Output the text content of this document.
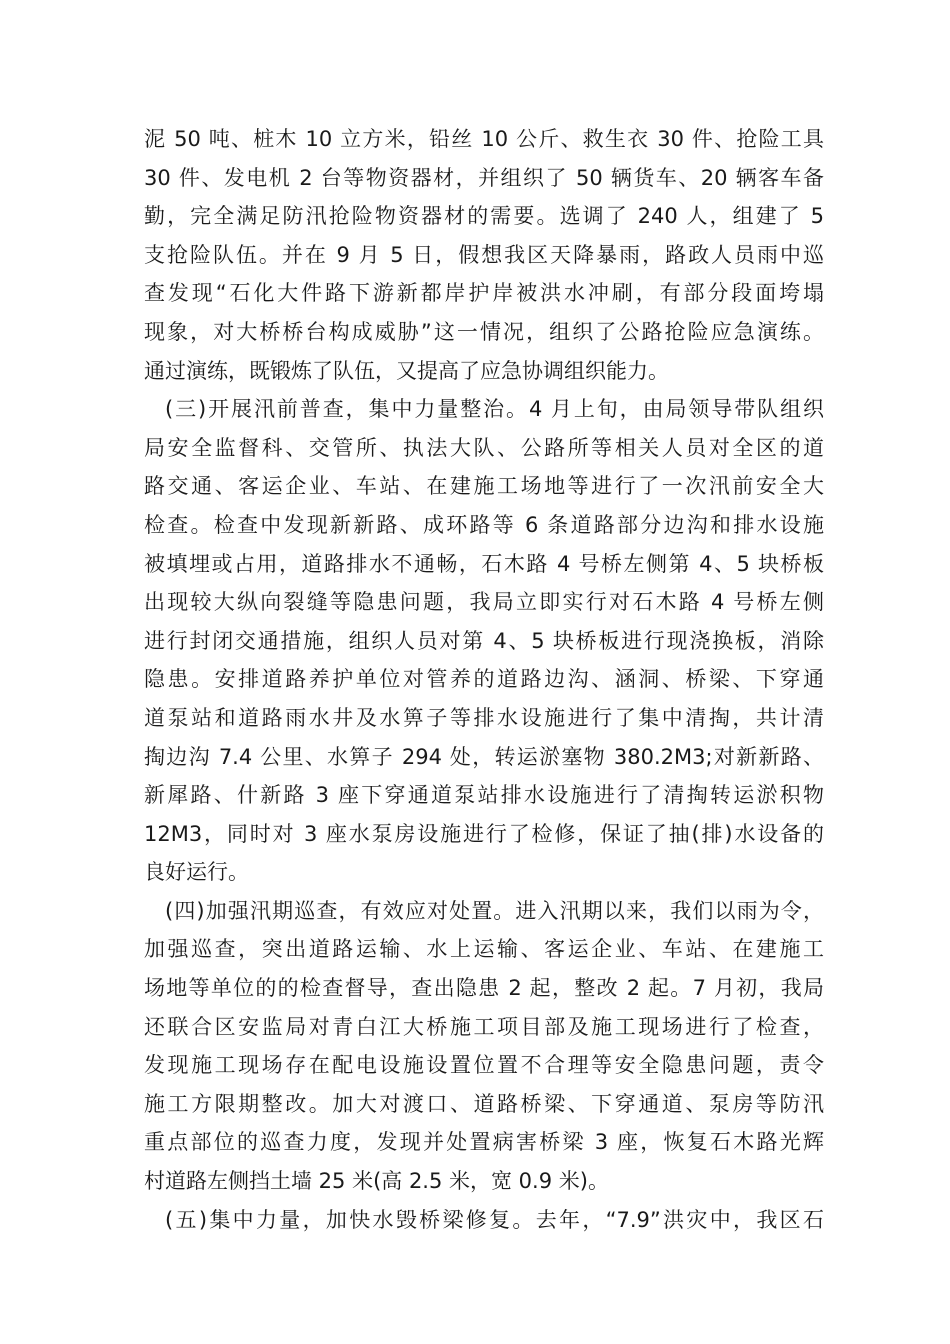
泥 50 吨、桩木 10 立方米，铅丝 10 公斤、救生衣 30 件、抢险工具
30 件、发电机 2 台等物资器材，并组织了 50 辆货车、20 辆客车备
勤，完全满足防汛抢险物资器材的需要。选调了 240 人，组建了 5
支抢险队伍。并在 9 月 5 日，假想我区天降暴雨，路政人员雨中巡
查发现“石化大件路下游新都岸护岸被洪水冲刷，有部分段面垮塌
现象，对大桥桥台构成威胁”这一情况，组织了公路抢险应急演练。
通过演练，既锻炼了队伍，又提高了应急协调组织能力。
(三)开展汛前普查，集中力量整治。4 月上旬，由局领导带队组织
局安全监督科、交管所、执法大队、公路所等相关人员对全区的道
路交通、客运企业、车站、在建施工场地等进行了一次汛前安全大
检查。检查中发现新新路、成环路等 6 条道路部分边沟和排水设施
被填埋或占用，道路排水不通畅，石木路 4 号桥左侧第 4、5 块桥板
出现较大纵向裂缝等隐患问题，我局立即实行对石木路 4 号桥左侧
进行封闭交通措施，组织人员对第 4、5 块桥板进行现浇换板，消除
隐患。安排道路养护单位对管养的道路边沟、涵洞、桥梁、下穿通
道泵站和道路雨水井及水箅子等排水设施进行了集中清掏，共计清
掏边沟 7.4 公里、水箅子 294 处，转运淤塞物 380.2M3;对新新路、
新犀路、什新路 3 座下穿通道泵站排水设施进行了清掏转运淤积物
12M3，同时对 3 座水泵房设施进行了检修，保证了抽(排)水设备的
良好运行。
(四)加强汛期巡查，有效应对处置。进入汛期以来，我们以雨为令，
加强巡查，突出道路运输、水上运输、客运企业、车站、在建施工
场地等单位的的检查督导，查出隐患 2 起，整改 2 起。7 月初，我局
还联合区安监局对青白江大桥施工项目部及施工现场进行了检查，
发现施工现场存在配电设施设置位置不合理等安全隐患问题，责令
施工方限期整改。加大对渡口、道路桥梁、下穿通道、泵房等防汛
重点部位的巡查力度，发现并处置病害桥梁 3 座，恢复石木路光辉
村道路左侧挡土墙 25 米(高 2.5 米，宽 0.9 米)。
(五)集中力量，加快水毁桥梁修复。去年，“7.9”洪灾中，我区石
